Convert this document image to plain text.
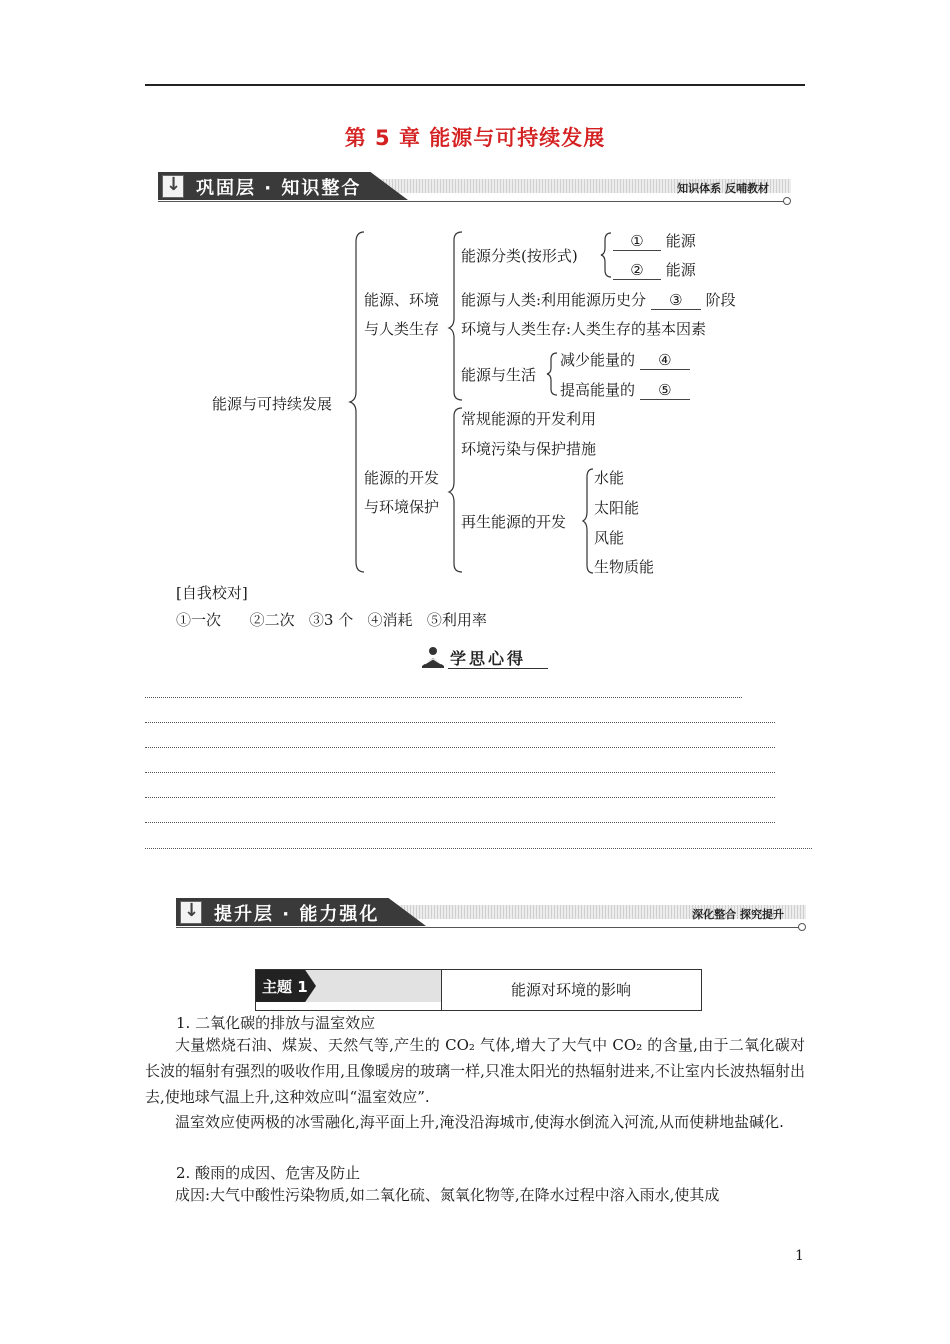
第 5 章 能源与可持续发展
↓
巩固层 · 知识整合	知识体系 反哺教材
能源与可持续发展
能源、环境
与人类生存
能源分类(按形式)
① 能源
② 能源
能源与人类:利用能源历史分 ③ 阶段
环境与人类生存:人类生存的基本因素
能源与生活
减少能量的 ④
提高能量的 ⑤
能源的开发
与环境保护
常规能源的开发利用
环境污染与保护措施
再生能源的开发
水能
太阳能
风能
生物质能
[自我校对]
①一次      ②二次   ③3 个   ④消耗   ⑤利用率
学思心得
↓
提升层 · 能力强化	深化整合 探究提升
主题 1	能源对环境的影响
1. 二氧化碳的排放与温室效应
大量燃烧石油、煤炭、天然气等,产生的 CO₂ 气体,增大了大气中 CO₂ 的含量,由于二氧化碳对长波的辐射有强烈的吸收作用,且像暖房的玻璃一样,只准太阳光的热辐射进来,不让室内长波热辐射出去,使地球气温上升,这种效应叫“温室效应”.
温室效应使两极的冰雪融化,海平面上升,淹没沿海城市,使海水倒流入河流,从而使耕地盐碱化.
2. 酸雨的成因、危害及防止
成因:大气中酸性污染物质,如二氧化硫、氮氧化物等,在降水过程中溶入雨水,使其成
1
